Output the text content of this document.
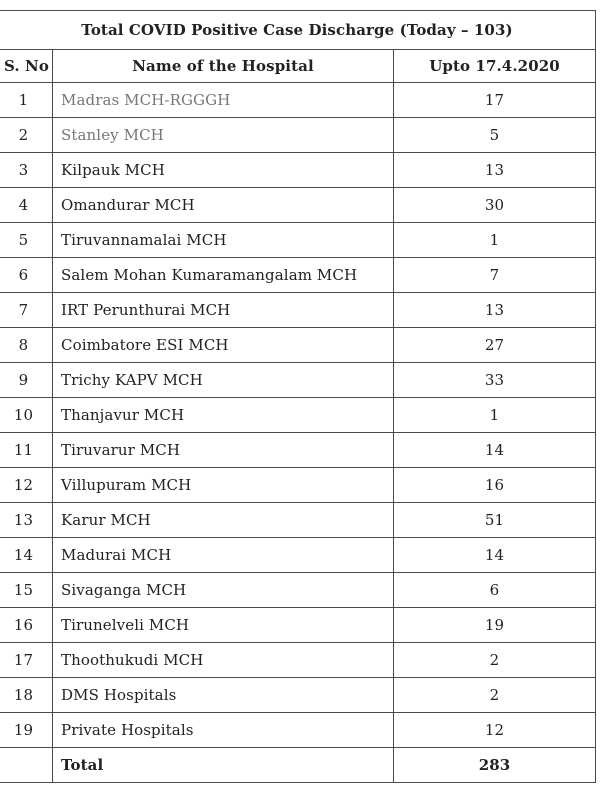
Total COVID Positive Case Discharge (Today – 103)		
S. No	Name of the Hospital	Upto 17.4.2020
1	Madras MCH-RGGGH	17
2	Stanley MCH	5
3	Kilpauk MCH	13
4	Omandurar MCH	30
5	Tiruvannamalai MCH	1
6	Salem Mohan Kumaramangalam MCH	7
7	IRT Perunthurai MCH	13
8	Coimbatore ESI MCH	27
9	Trichy KAPV MCH	33
10	Thanjavur MCH	1
11	Tiruvarur MCH	14
12	Villupuram MCH	16
13	Karur MCH	51
14	Madurai MCH	14
15	Sivaganga MCH	6
16	Tirunelveli MCH	19
17	Thoothukudi MCH	2
18	DMS Hospitals	2
19	Private Hospitals	12
	Total	283
